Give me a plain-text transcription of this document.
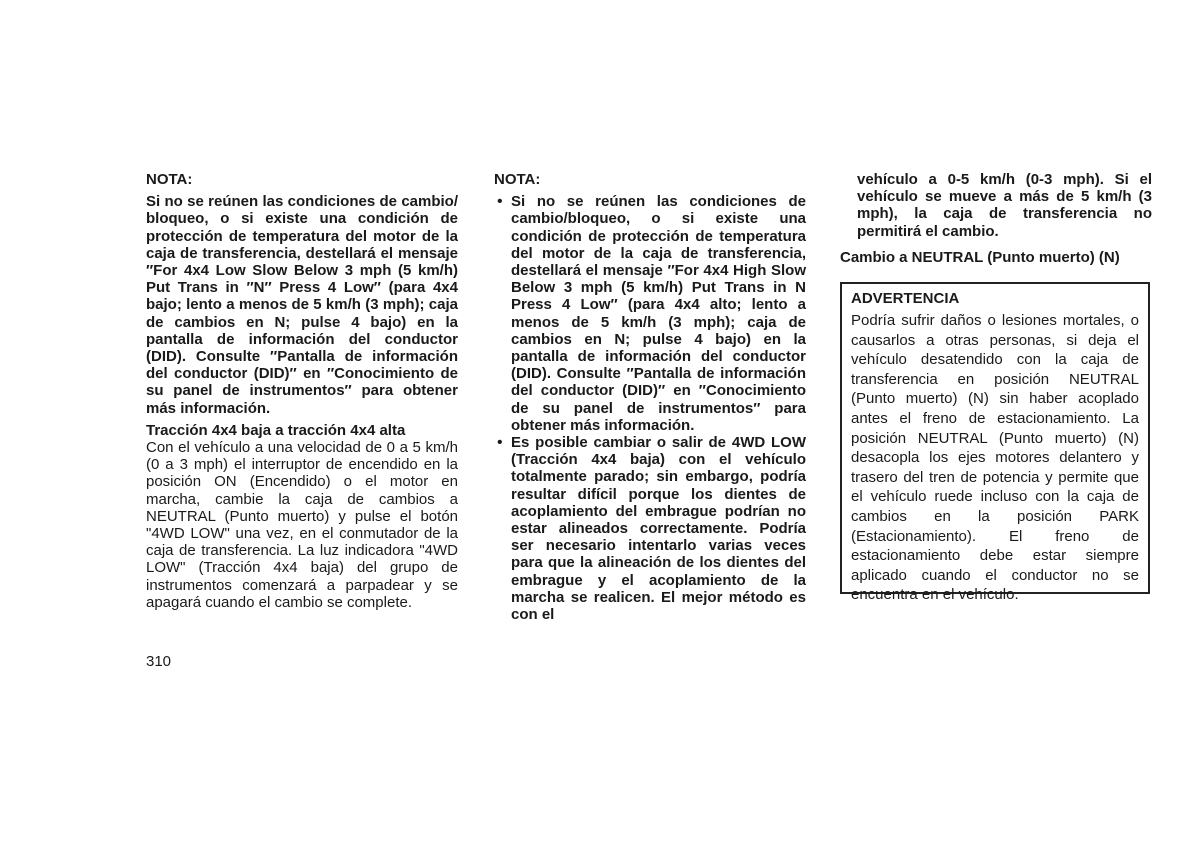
NOTA:

Si no se reúnen las condiciones de cambio/ bloqueo, o si existe una condición de protección de temperatura del motor de la caja de transferencia, destellará el mensaje ″For 4x4 Low Slow Below 3 mph (5 km/h) Put Trans in ″N″ Press 4 Low″ (para 4x4 bajo; lento a menos de 5 km/h (3 mph); caja de cambios en N; pulse 4 bajo) en la pantalla de información del conductor (DID). Consulte ″Pantalla de información del conductor (DID)″ en ″Conocimiento de su panel de instrumentos″ para obtener más información.

Tracción 4x4 baja a tracción 4x4 alta

Con el vehículo a una velocidad de 0 a 5 km/h (0 a 3 mph) el interruptor de encendido en la posición ON (Encendido) o el motor en marcha, cambie la caja de cambios a NEUTRAL (Punto muerto) y pulse el botón "4WD LOW" una vez, en el conmutador de la caja de transferencia. La luz indicadora "4WD LOW" (Tracción 4x4 baja) del grupo de instrumentos comenzará a parpadear y se apagará cuando el cambio se complete.

NOTA:

• Si no se reúnen las condiciones de cambio/bloqueo, o si existe una condición de protección de temperatura del motor de la caja de transferencia, destellará el mensaje ″For 4x4 High Slow Below 3 mph (5 km/h) Put Trans in N Press 4 Low″ (para 4x4 alto; lento a menos de 5 km/h (3 mph); caja de cambios en N; pulse 4 bajo) en la pantalla de información del conductor (DID). Consulte ″Pantalla de información del conductor (DID)″ en ″Conocimiento de su panel de instrumentos″ para obtener más información.

• Es posible cambiar o salir de 4WD LOW (Tracción 4x4 baja) con el vehículo totalmente parado; sin embargo, podría resultar difícil porque los dientes de acoplamiento del embrague podrían no estar alineados correctamente. Podría ser necesario intentarlo varias veces para que la alineación de los dientes del embrague y el acoplamiento de la marcha se realicen. El mejor método es con el

vehículo a 0-5 km/h (0-3 mph). Si el vehículo se mueve a más de 5 km/h (3 mph), la caja de transferencia no permitirá el cambio.

Cambio a NEUTRAL (Punto muerto) (N)

ADVERTENCIA

Podría sufrir daños o lesiones mortales, o causarlos a otras personas, si deja el vehículo desatendido con la caja de transferencia en posición NEUTRAL (Punto muerto) (N) sin haber acoplado antes el freno de estacionamiento. La posición NEUTRAL (Punto muerto) (N) desacopla los ejes motores delantero y trasero del tren de potencia y permite que el vehículo ruede incluso con la caja de cambios en la posición PARK (Estacionamiento). El freno de estacionamiento debe estar siempre aplicado cuando el conductor no se encuentra en el vehículo.

310
